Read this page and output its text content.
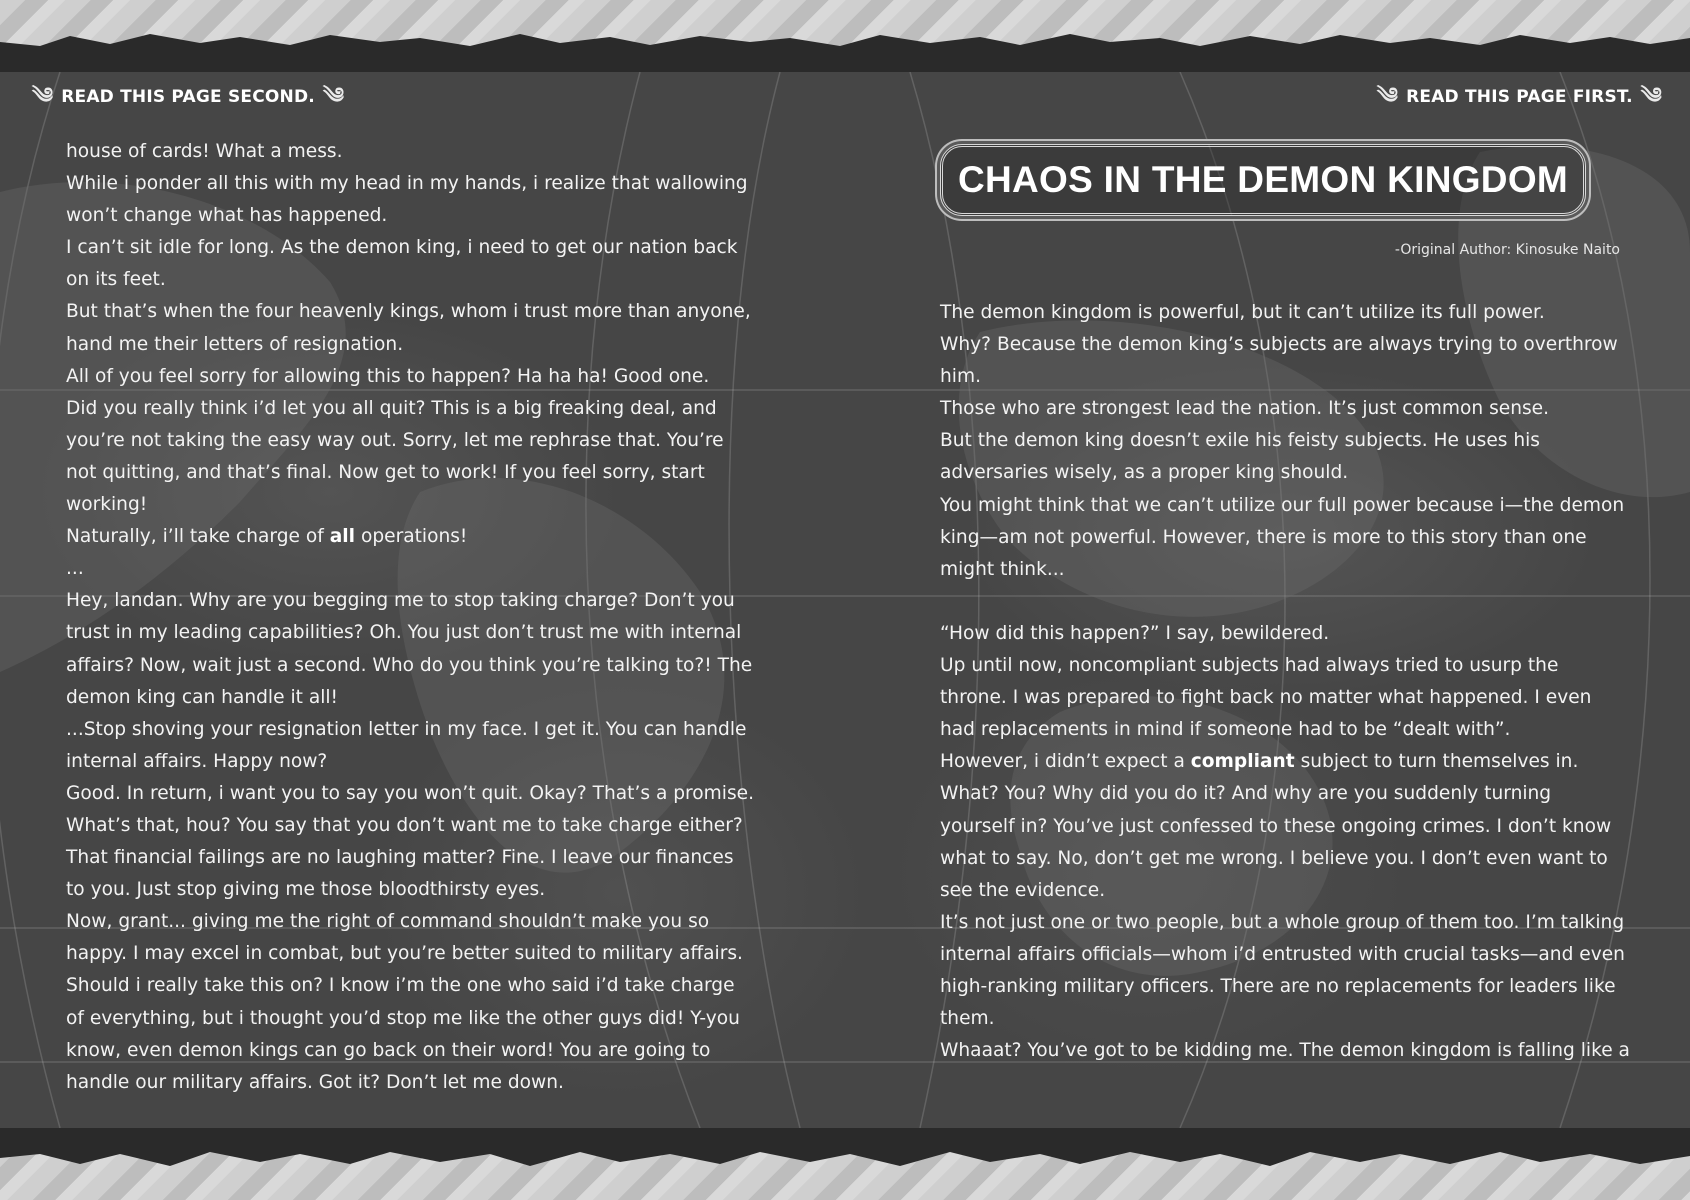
༄ READ THIS PAGE SECOND. ༄	༄ READ THIS PAGE FIRST. ༄

house of cards! What a mess.

While i ponder all this with my head in my hands, i realize that wallowing won’t change what has happened.

I can’t sit idle for long. As the demon king, i need to get our nation back on its feet.

But that’s when the four heavenly kings, whom i trust more than anyone, hand me their letters of resignation.

All of you feel sorry for allowing this to happen? Ha ha ha! Good one.

Did you really think i’d let you all quit? This is a big freaking deal, and you’re not taking the easy way out. Sorry, let me rephrase that. You’re not quitting, and that’s final. Now get to work! If you feel sorry, start working!

Naturally, i’ll take charge of all operations!

...

Hey, landan. Why are you begging me to stop taking charge? Don’t you trust in my leading capabilities? Oh. You just don’t trust me with internal affairs? Now, wait just a second. Who do you think you’re talking to?! The demon king can handle it all!

...Stop shoving your resignation letter in my face. I get it. You can handle internal affairs. Happy now?

Good. In return, i want you to say you won’t quit. Okay? That’s a promise.

What’s that, hou? You say that you don’t want me to take charge either? That financial failings are no laughing matter? Fine. I leave our finances to you. Just stop giving me those bloodthirsty eyes.

Now, grant... giving me the right of command shouldn’t make you so happy. I may excel in combat, but you’re better suited to military affairs. Should i really take this on? I know i’m the one who said i’d take charge of everything, but i thought you’d stop me like the other guys did! Y-you know, even demon kings can go back on their word! You are going to handle our military affairs. Got it? Don’t let me down.

CHAOS IN THE DEMON KINGDOM
-Original Author: Kinosuke Naito

The demon kingdom is powerful, but it can’t utilize its full power.

Why? Because the demon king’s subjects are always trying to overthrow him.

Those who are strongest lead the nation. It’s just common sense.

But the demon king doesn’t exile his feisty subjects. He uses his adversaries wisely, as a proper king should.

You might think that we can’t utilize our full power because i—the demon king—am not powerful. However, there is more to this story than one might think...

“How did this happen?” I say, bewildered.

Up until now, noncompliant subjects had always tried to usurp the throne. I was prepared to fight back no matter what happened. I even had replacements in mind if someone had to be “dealt with”.

However, i didn’t expect a compliant subject to turn themselves in.

What? You? Why did you do it? And why are you suddenly turning yourself in? You’ve just confessed to these ongoing crimes. I don’t know what to say. No, don’t get me wrong. I believe you. I don’t even want to see the evidence.

It’s not just one or two people, but a whole group of them too. I’m talking internal affairs officials—whom i’d entrusted with crucial tasks—and even high-ranking military officers. There are no replacements for leaders like them.

Whaaat? You’ve got to be kidding me. The demon kingdom is falling like a
